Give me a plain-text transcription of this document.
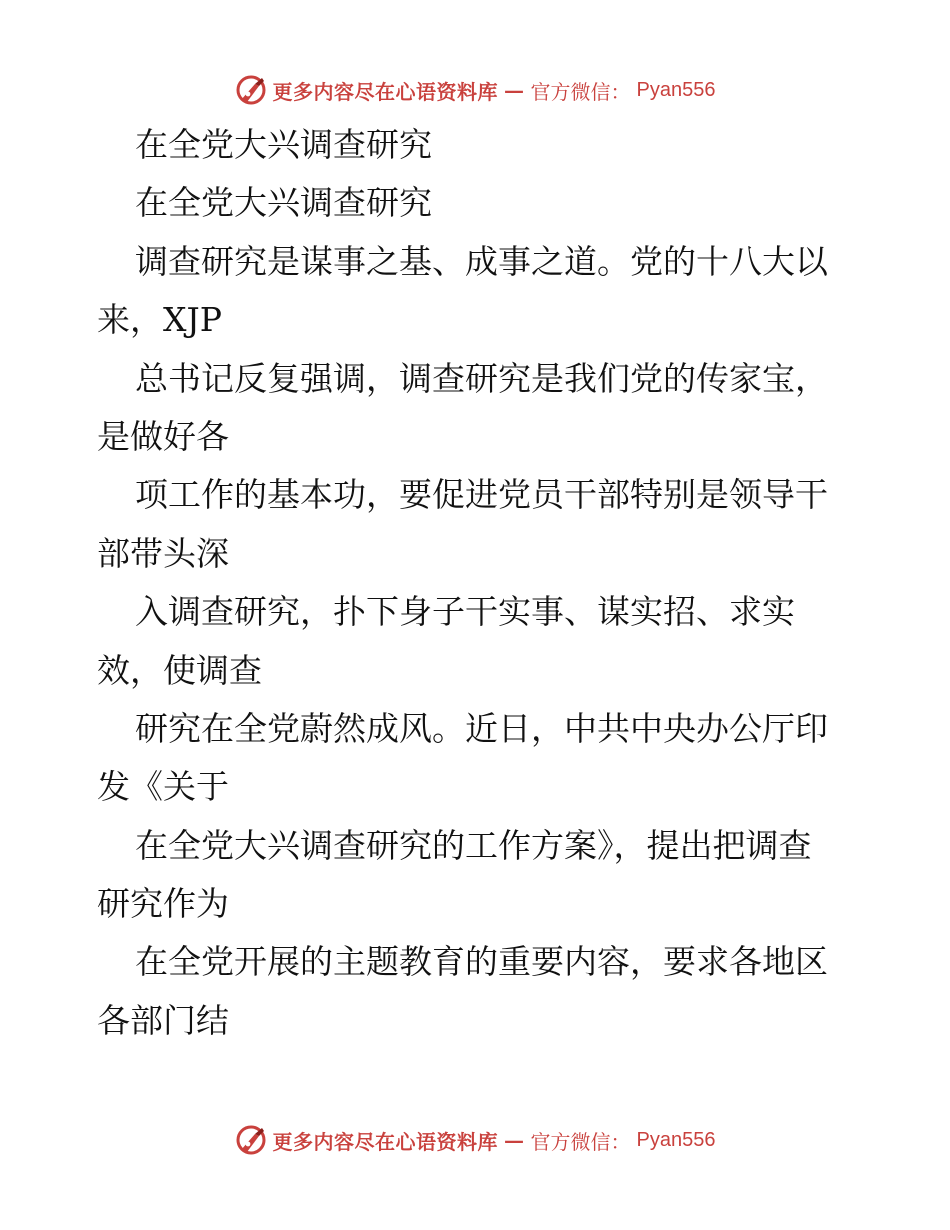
更多内容尽在心语资料库 — 官方微信： Pyan556
在全党大兴调查研究
在全党大兴调查研究
调查研究是谋事之基、成事之道。党的十八大以
来，XJP
总书记反复强调，调查研究是我们党的传家宝，
是做好各
项工作的基本功，要促进党员干部特别是领导干
部带头深
入调查研究，扑下身子干实事、谋实招、求实
效，使调查
研究在全党蔚然成风。近日，中共中央办公厅印
发《关于
在全党大兴调查研究的工作方案》，提出把调查
研究作为
在全党开展的主题教育的重要内容，要求各地区
各部门结
更多内容尽在心语资料库 — 官方微信： Pyan556
